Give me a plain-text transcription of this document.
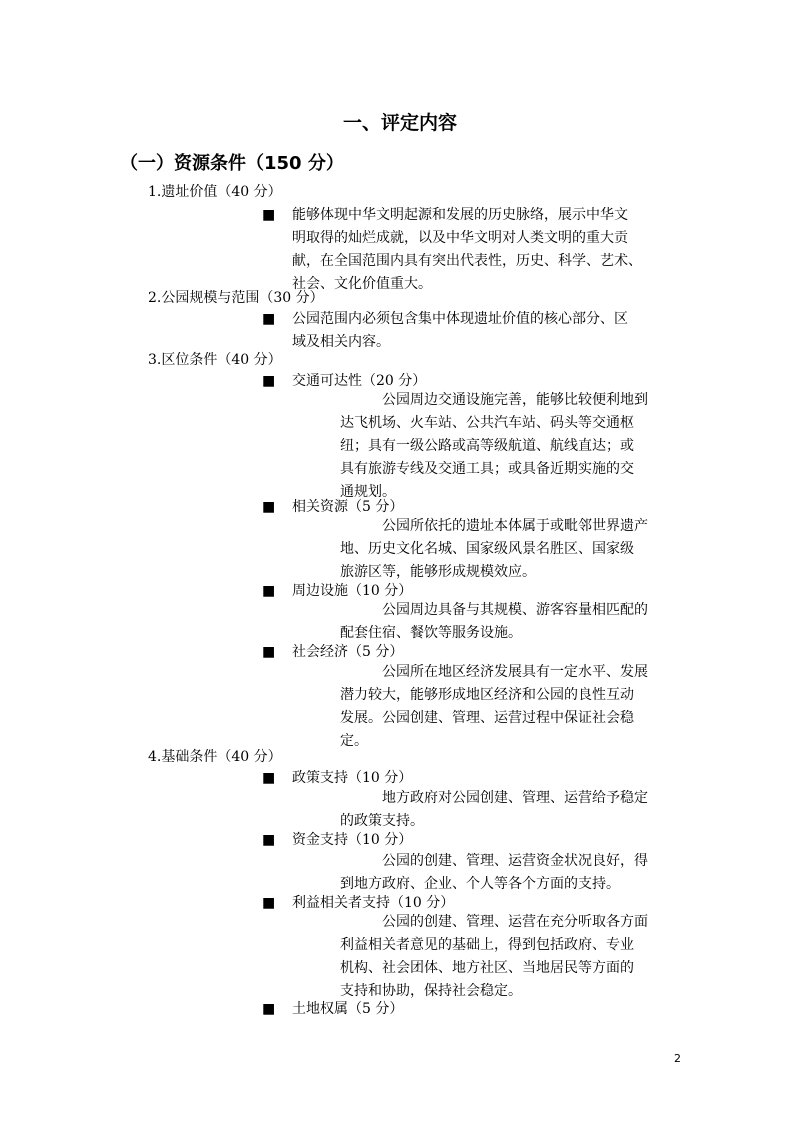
一、评定内容
（一）资源条件（150 分）
1.遗址价值（40 分）
■	能够体现中华文明起源和发展的历史脉络，展示中华文
明取得的灿烂成就，以及中华文明对人类文明的重大贡
献，在全国范围内具有突出代表性，历史、科学、艺术、
社会、文化价值重大。
2.公园规模与范围（30 分）
■	公园范围内必须包含集中体现遗址价值的核心部分、区
域及相关内容。
3.区位条件（40 分）
■	交通可达性（20 分）
　　　公园周边交通设施完善，能够比较便利地到
达飞机场、火车站、公共汽车站、码头等交通枢
纽；具有一级公路或高等级航道、航线直达；或
具有旅游专线及交通工具；或具备近期实施的交
通规划。
■	相关资源（5 分）
　　　公园所依托的遗址本体属于或毗邻世界遗产
地、历史文化名城、国家级风景名胜区、国家级
旅游区等，能够形成规模效应。
■	周边设施（10 分）
　　　公园周边具备与其规模、游客容量相匹配的
配套住宿、餐饮等服务设施。
■	社会经济（5 分）
　　　公园所在地区经济发展具有一定水平、发展
潜力较大，能够形成地区经济和公园的良性互动
发展。公园创建、管理、运营过程中保证社会稳
定。
4.基础条件（40 分）
■	政策支持（10 分）
　　　地方政府对公园创建、管理、运营给予稳定
的政策支持。
■	资金支持（10 分）
　　　公园的创建、管理、运营资金状况良好，得
到地方政府、企业、个人等各个方面的支持。
■	利益相关者支持（10 分）
　　　公园的创建、管理、运营在充分听取各方面
利益相关者意见的基础上，得到包括政府、专业
机构、社会团体、地方社区、当地居民等方面的
支持和协助，保持社会稳定。
■	土地权属（5 分）
2
